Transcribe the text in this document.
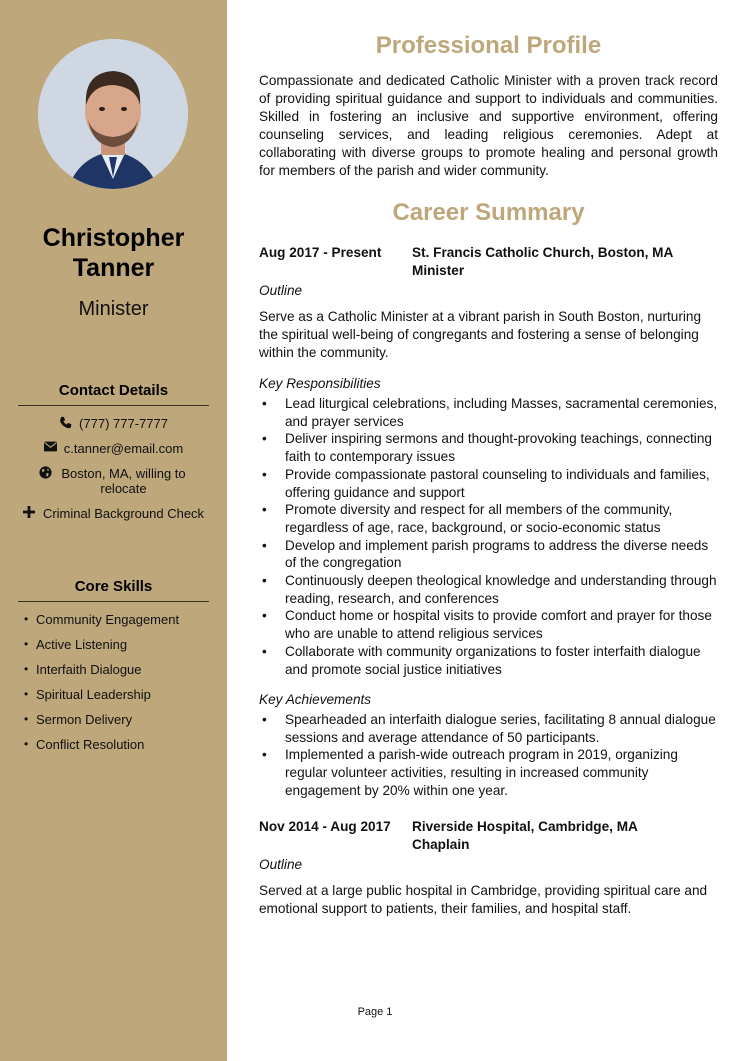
Christopher
Tanner
Minister
Contact Details
(777) 777-7777
c.tanner@email.com
Boston, MA, willing to relocate
Criminal Background Check
Core Skills
• Community Engagement
• Active Listening
• Interfaith Dialogue
• Spiritual Leadership
• Sermon Delivery
• Conflict Resolution
Professional Profile
Compassionate and dedicated Catholic Minister with a proven track record of providing spiritual guidance and support to individuals and communities. Skilled in fostering an inclusive and supportive environment, offering counseling services, and leading religious ceremonies. Adept at collaborating with diverse groups to promote healing and personal growth for members of the parish and wider community.
Career Summary
Aug 2017 - Present St. Francis Catholic Church, Boston, MA
Minister
Outline
Serve as a Catholic Minister at a vibrant parish in South Boston, nurturing the spiritual well-being of congregants and fostering a sense of belonging within the community.
Key Responsibilities
• Lead liturgical celebrations, including Masses, sacramental ceremonies, and prayer services
• Deliver inspiring sermons and thought-provoking teachings, connecting faith to contemporary issues
• Provide compassionate pastoral counseling to individuals and families, offering guidance and support
• Promote diversity and respect for all members of the community, regardless of age, race, background, or socio-economic status
• Develop and implement parish programs to address the diverse needs of the congregation
• Continuously deepen theological knowledge and understanding through reading, research, and conferences
• Conduct home or hospital visits to provide comfort and prayer for those who are unable to attend religious services
• Collaborate with community organizations to foster interfaith dialogue and promote social justice initiatives
Key Achievements
• Spearheaded an interfaith dialogue series, facilitating 8 annual dialogue sessions and average attendance of 50 participants.
• Implemented a parish-wide outreach program in 2019, organizing regular volunteer activities, resulting in increased community engagement by 20% within one year.
Nov 2014 - Aug 2017 Riverside Hospital, Cambridge, MA
Chaplain
Outline
Served at a large public hospital in Cambridge, providing spiritual care and emotional support to patients, their families, and hospital staff.
Page 1
